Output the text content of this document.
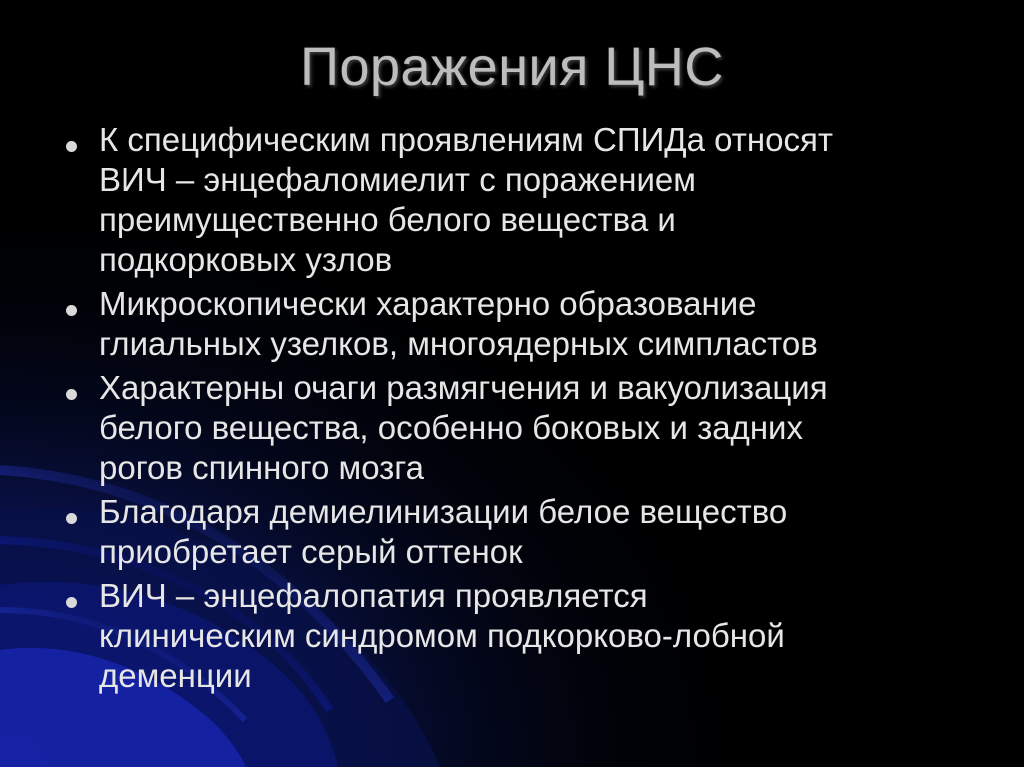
Поражения ЦНС
К специфическим проявлениям СПИДа относят
ВИЧ – энцефаломиелит с поражением
преимущественно белого вещества и
подкорковых узлов
Микроскопически характерно образование
глиальных узелков, многоядерных симпластов
Характерны очаги размягчения и вакуолизация
белого вещества, особенно боковых и задних
рогов спинного мозга
Благодаря демиелинизации белое вещество
приобретает серый оттенок
ВИЧ – энцефалопатия проявляется
клиническим синдромом подкорково-лобной
деменции
